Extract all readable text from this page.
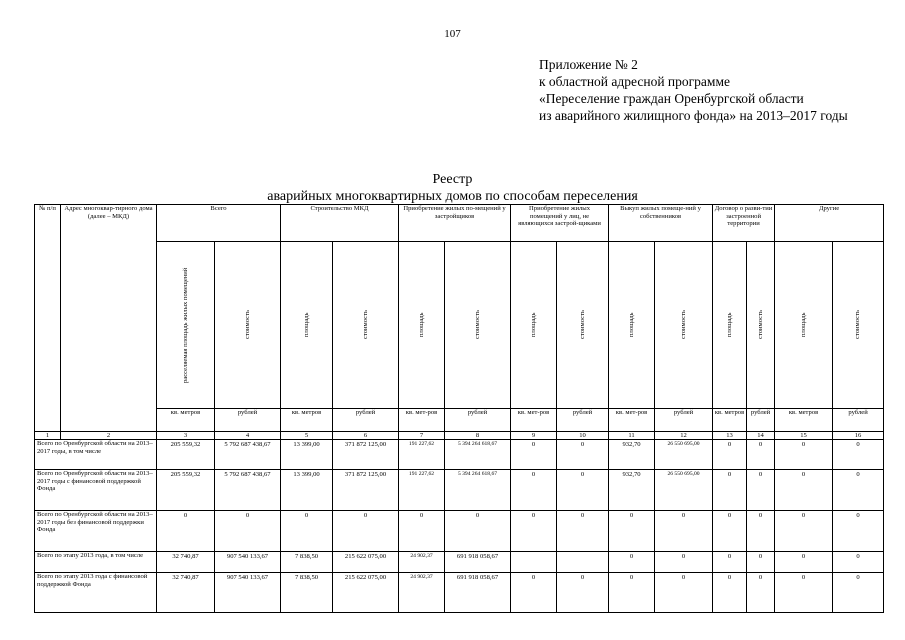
107
Приложение № 2
к областной адресной программе
«Переселение граждан Оренбургской области
из аварийного жилищного фонда» на 2013–2017 годы
Реестр
аварийных многоквартирных домов по способам переселения
№ п/п	Адрес многоквар-тирного дома (далее – МКД)	Всего		Строительство МКД		Приобретение жилых по-мещений у застройщиков		Приобретение жилых помещений у лиц, не являющихся застрой-щиками		Выкуп жилых помеще-ний у собственников		Договор о разви-тии застроенной территории		Другие	

		расселяемая площадь жилых помещений	стоимость	площадь	стоимость	площадь	стоимость	площадь	стоимость	площадь	стоимость	площадь	стоимость	площадь	стоимость

		кв. метров	рублей	кв. метров	рублей	кв. мет-ров	рублей	кв. мет-ров	рублей	кв. мет-ров	рублей	кв. метров	рублей	кв. метров	рублей
1	2	3	4	5	6	7	8	9	10	11	12	13	14	15	16
Всего по Оренбургской области на 2013–2017 годы, в том числе		205 559,32	5 792 687 438,67	13 399,00	371 872 125,00	191 227,62	5 394 264 618,67	0	0	932,70	26 550 695,00	0	0	0	0
Всего по Оренбургской области на 2013–2017 годы с финансовой поддержкой Фонда		205 559,32	5 792 687 438,67	13 399,00	371 872 125,00	191 227,62	5 394 264 618,67	0	0	932,70	26 550 695,00	0	0	0	0
Всего по Оренбургской области на 2013–2017 годы без финансовой поддержки Фонда		0	0	0	0	0	0	0	0	0	0	0	0	0	0
Всего по этапу 2013 года, в том числе		32 740,87	907 540 133,67	7 838,50	215 622 075,00	24 902,37	691 918 058,67			0	0	0	0	0	0
Всего по этапу 2013 года с финансовой поддержкой Фонда		32 740,87	907 540 133,67	7 838,50	215 622 075,00	24 902,37	691 918 058,67	0	0	0	0	0	0	0	0
